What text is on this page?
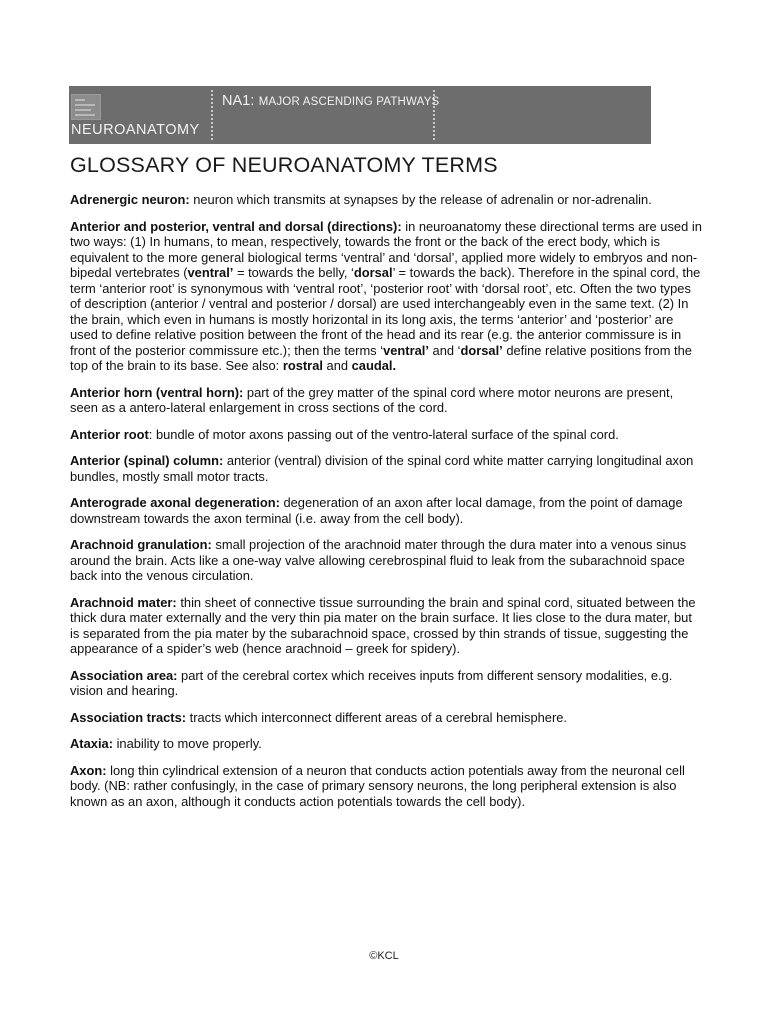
NEUROANATOMY
NA1: MAJOR ASCENDING PATHWAYS
GLOSSARY OF NEUROANATOMY TERMS

Adrenergic neuron: neuron which transmits at synapses by the release of adrenalin or nor-adrenalin.

Anterior and posterior, ventral and dorsal (directions): in neuroanatomy these directional terms are used in two ways: (1) In humans, to mean, respectively, towards the front or the back of the erect body, which is equivalent to the more general biological terms ‘ventral’ and ‘dorsal’, applied more widely to embryos and non-bipedal vertebrates (ventral’ = towards the belly, ‘dorsal’ = towards the back). Therefore in the spinal cord, the term ‘anterior root’ is synonymous with ‘ventral root’, ‘posterior root’ with ‘dorsal root’, etc. Often the two types of description (anterior / ventral and posterior / dorsal) are used interchangeably even in the same text. (2) In the brain, which even in humans is mostly horizontal in its long axis, the terms ‘anterior’ and ‘posterior’ are used to define relative position between the front of the head and its rear (e.g. the anterior commissure is in front of the posterior commissure etc.); then the terms ‘ventral’ and ‘dorsal’ define relative positions from the top of the brain to its base. See also: rostral and caudal.

Anterior horn (ventral horn): part of the grey matter of the spinal cord where motor neurons are present, seen as a antero-lateral enlargement in cross sections of the cord.

Anterior root: bundle of motor axons passing out of the ventro-lateral surface of the spinal cord.

Anterior (spinal) column: anterior (ventral) division of the spinal cord white matter carrying longitudinal axon bundles, mostly small motor tracts.

Anterograde axonal degeneration: degeneration of an axon after local damage, from the point of damage downstream towards the axon terminal (i.e. away from the cell body).

Arachnoid granulation: small projection of the arachnoid mater through the dura mater into a venous sinus around the brain. Acts like a one-way valve allowing cerebrospinal fluid to leak from the subarachnoid space back into the venous circulation.

Arachnoid mater: thin sheet of connective tissue surrounding the brain and spinal cord, situated between the thick dura mater externally and the very thin pia mater on the brain surface. It lies close to the dura mater, but is separated from the pia mater by the subarachnoid space, crossed by thin strands of tissue, suggesting the appearance of a spider’s web (hence arachnoid – greek for spidery).

Association area: part of the cerebral cortex which receives inputs from different sensory modalities, e.g. vision and hearing.

Association tracts: tracts which interconnect different areas of a cerebral hemisphere.

Ataxia: inability to move properly.

Axon: long thin cylindrical extension of a neuron that conducts action potentials away from the neuronal cell body. (NB: rather confusingly, in the case of primary sensory neurons, the long peripheral extension is also known as an axon, although it conducts action potentials towards the cell body).

©KCL
